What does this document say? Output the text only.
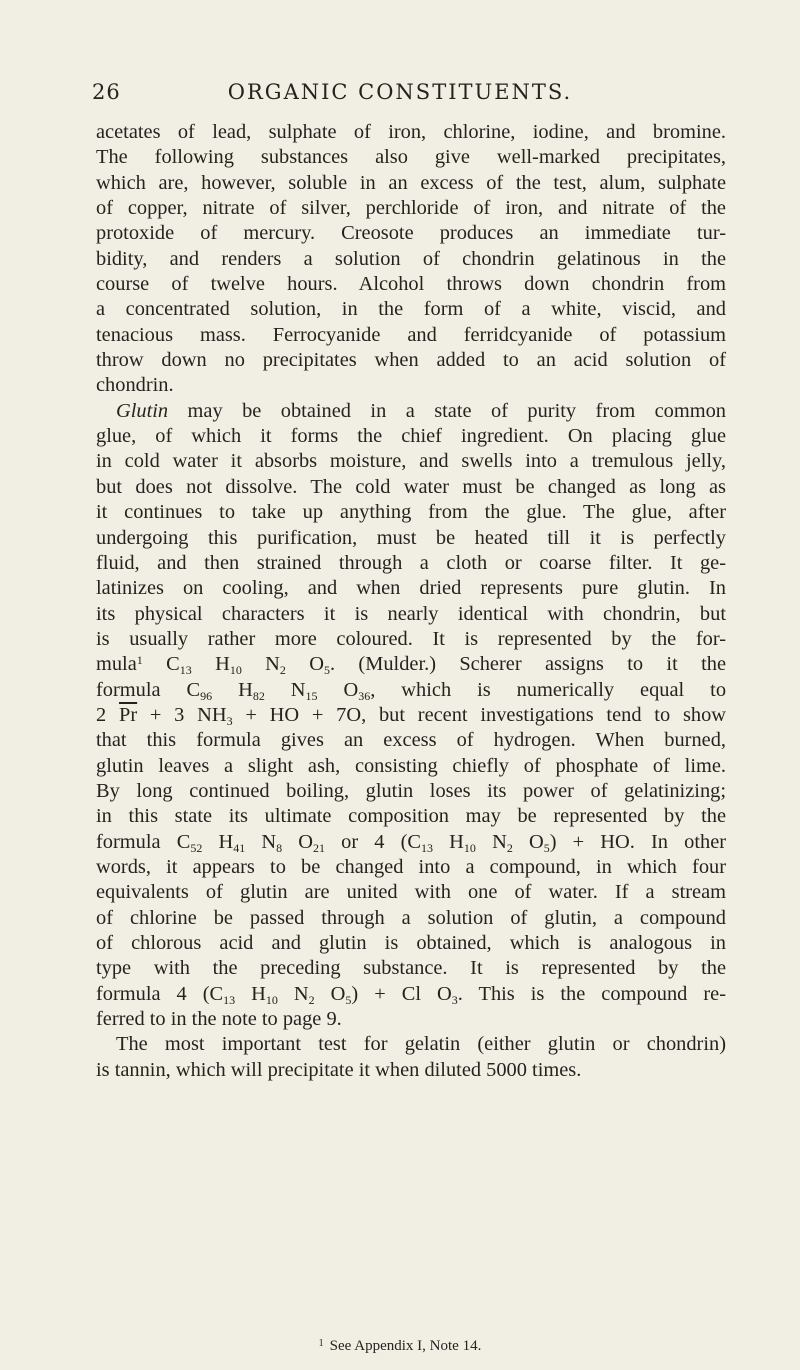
26	ORGANIC CONSTITUENTS.
acetates of lead, sulphate of iron, chlorine, iodine, and bromine.
The following substances also give well-marked precipitates,
which are, however, soluble in an excess of the test, alum, sulphate
of copper, nitrate of silver, perchloride of iron, and nitrate of the
protoxide of mercury. Creosote produces an immediate tur-
bidity, and renders a solution of chondrin gelatinous in the
course of twelve hours. Alcohol throws down chondrin from
a concentrated solution, in the form of a white, viscid, and
tenacious mass. Ferrocyanide and ferridcyanide of potassium
throw down no precipitates when added to an acid solution of
chondrin.
Glutin may be obtained in a state of purity from common
glue, of which it forms the chief ingredient. On placing glue
in cold water it absorbs moisture, and swells into a tremulous jelly,
but does not dissolve. The cold water must be changed as long as
it continues to take up anything from the glue. The glue, after
undergoing this purification, must be heated till it is perfectly
fluid, and then strained through a cloth or coarse filter. It ge-
latinizes on cooling, and when dried represents pure glutin. In
its physical characters it is nearly identical with chondrin, but
is usually rather more coloured. It is represented by the for-
mula$^1$ $C_{13}$ $H_{10}$ $N_2$ $O_5$. (Mulder.) Scherer assigns to it the
formula $C_{96}$ $H_{82}$ $N_{15}$ $O_{36}$, which is numerically equal to
2 $\overline{Pr} + 3$ $NH_3$ + HO + 7O, but recent investigations tend to show
that this formula gives an excess of hydrogen. When burned,
glutin leaves a slight ash, consisting chiefly of phosphate of lime.
By long continued boiling, glutin loses its power of gelatinizing;
in this state its ultimate composition may be represented by the
formula $C_{52}$ $H_{41}$ $N_8$ $O_{21}$ or 4 ($C_{13}$ $H_{10}$ $N_2$ $O_5$) + HO. In other
words, it appears to be changed into a compound, in which four
equivalents of glutin are united with one of water. If a stream
of chlorine be passed through a solution of glutin, a compound
of chlorous acid and glutin is obtained, which is analogous in
type with the preceding substance. It is represented by the
formula 4 ($C_{13}$ $H_{10}$ $N_2$ $O_5) + Cl$ $O_3$. This is the compound re-
ferred to in the note to page 9.
The most important test for gelatin (either glutin or chondrin)
is tannin, which will precipitate it when diluted 5000 times.
$^1$ See Appendix I, Note 14.
